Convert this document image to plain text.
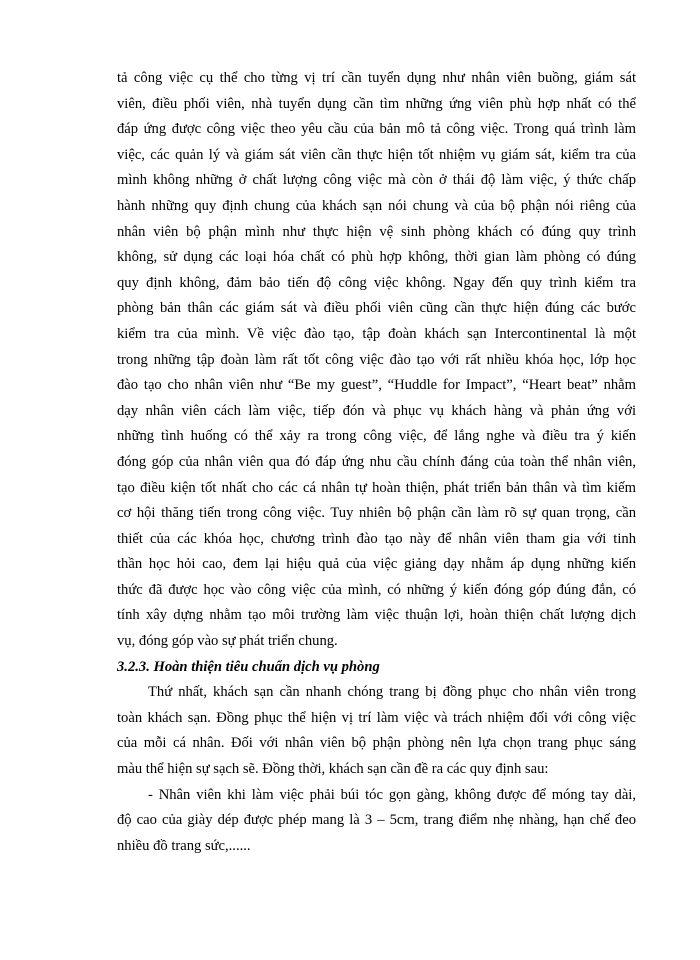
tả công việc cụ thể cho từng vị trí cần tuyển dụng như nhân viên buồng, giám sát
viên, điều phối viên, nhà tuyển dụng cần tìm những ứng viên phù hợp nhất có thể
đáp ứng được công việc theo yêu cầu của bản mô tả công việc. Trong quá trình làm
việc, các quản lý và giám sát viên cần thực hiện tốt nhiệm vụ giám sát, kiểm tra của
mình không những ở chất lượng công việc mà còn ở thái độ làm việc, ý thức chấp
hành những quy định chung của khách sạn nói chung và của bộ phận nói riêng của
nhân viên bộ phận mình như thực hiện vệ sinh phòng khách có đúng quy trình
không, sử dụng các loại hóa chất có phù hợp không, thời gian làm phòng có đúng
quy định không, đảm bảo tiến độ công việc không. Ngay đến quy trình kiểm tra
phòng bản thân các giám sát và điều phối viên cũng cần thực hiện đúng các bước
kiểm tra của mình. Về việc đào tạo, tập đoàn khách sạn Intercontinental là một
trong những tập đoàn làm rất tốt công việc đào tạo với rất nhiều khóa học, lớp học
đào tạo cho nhân viên như “Be my guest”, “Huddle for Impact”, “Heart beat” nhằm
dạy nhân viên cách làm việc, tiếp đón và phục vụ khách hàng và phản ứng với
những tình huống có thể xảy ra trong công việc, để lắng nghe và điều tra ý kiến
đóng góp của nhân viên qua đó đáp ứng nhu cầu chính đáng của toàn thể nhân viên,
tạo điều kiện tốt nhất cho các cá nhân tự hoàn thiện, phát triển bản thân và tìm kiếm
cơ hội thăng tiến trong công việc. Tuy nhiên bộ phận cần làm rõ sự quan trọng, cần
thiết của các khóa học, chương trình đào tạo này để nhân viên tham gia với tinh
thần học hỏi cao, đem lại hiệu quả của việc giảng dạy nhằm áp dụng những kiến
thức đã được học vào công việc của mình, có những ý kiến đóng góp đúng đắn, có
tính xây dựng nhằm tạo môi trường làm việc thuận lợi, hoàn thiện chất lượng dịch
vụ, đóng góp vào sự phát triển chung.
3.2.3. Hoàn thiện tiêu chuẩn dịch vụ phòng
Thứ nhất, khách sạn cần nhanh chóng trang bị đồng phục cho nhân viên trong
toàn khách sạn. Đồng phục thể hiện vị trí làm việc và trách nhiệm đối với công việc
của mỗi cá nhân. Đối với nhân viên bộ phận phòng nên lựa chọn trang phục sáng
màu thể hiện sự sạch sẽ. Đồng thời, khách sạn cần đề ra các quy định sau:
- Nhân viên khi làm việc phải búi tóc gọn gàng, không được để móng tay dài,
độ cao của giày dép được phép mang là 3 – 5cm, trang điểm nhẹ nhàng, hạn chế đeo
nhiều đồ trang sức,......
